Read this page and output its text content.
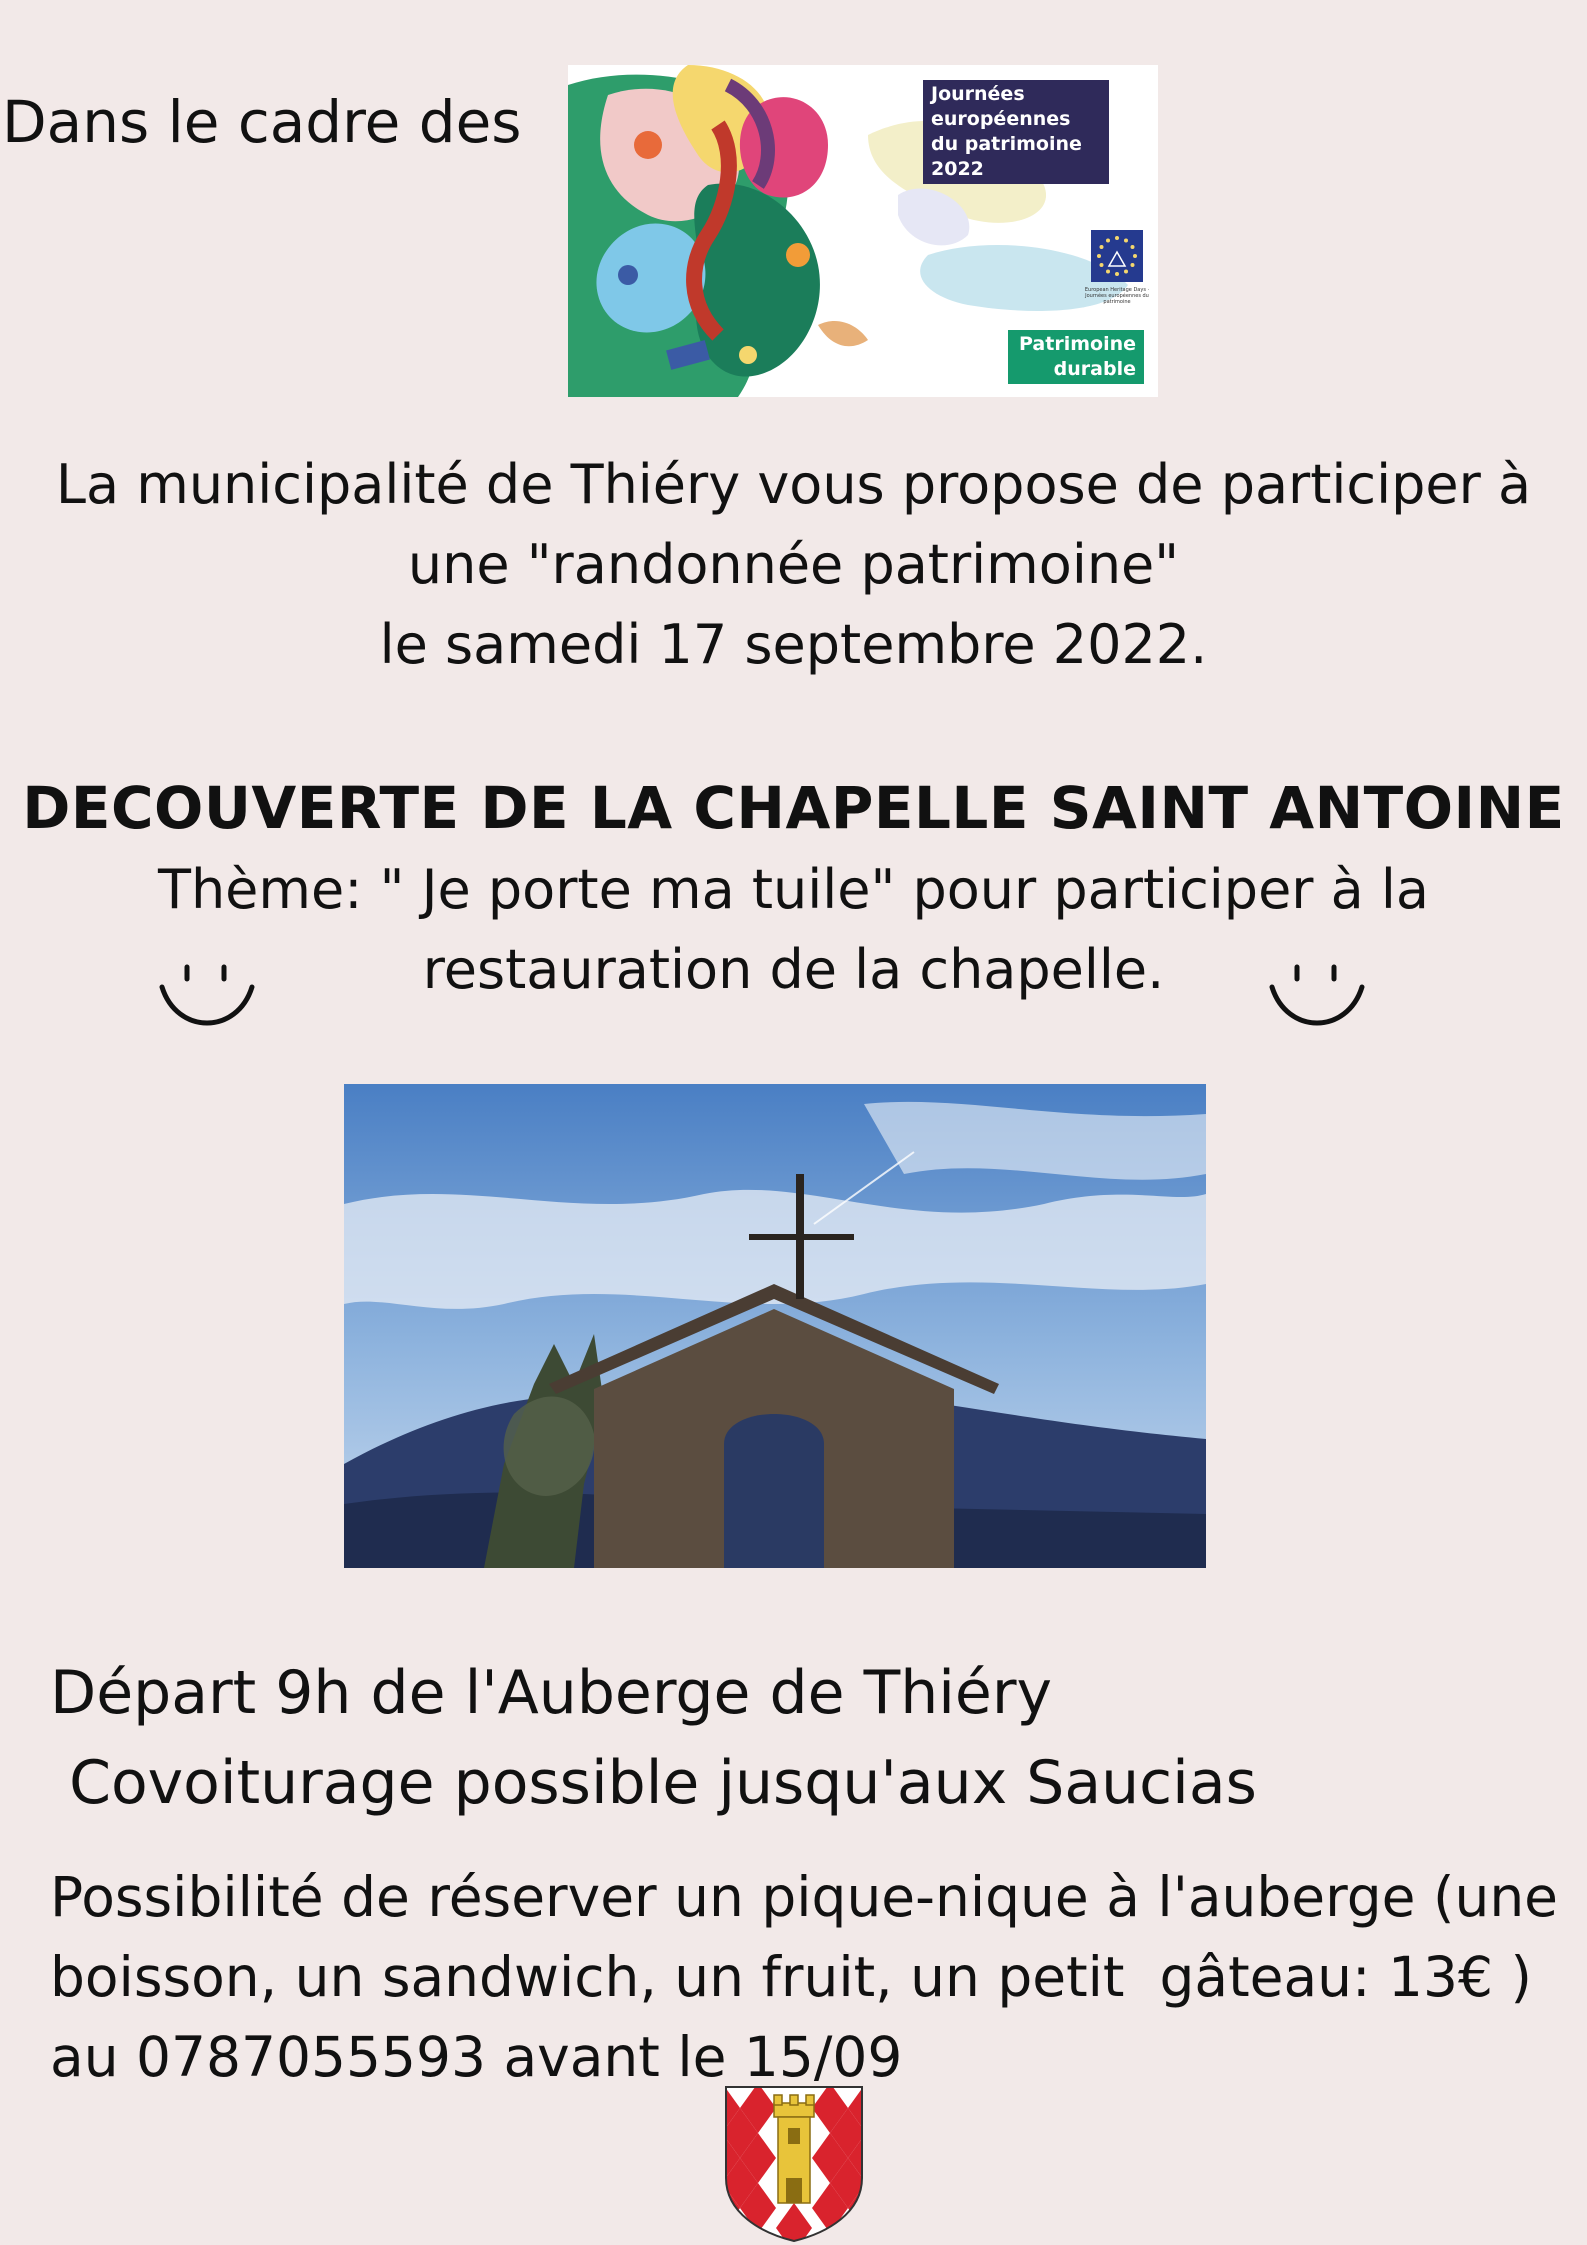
Dans le cadre des	Journées européennes du patrimoine 2022
European Heritage Days · Journées européennes du patrimoine
Patrimoine durable
La municipalité de Thiéry vous propose de participer à
une "randonnée patrimoine"
le samedi 17 septembre 2022.
DECOUVERTE DE LA CHAPELLE SAINT ANTOINE
Thème: " Je porte ma tuile" pour participer à la
restauration de la chapelle.
Départ 9h de l'Auberge de Thiéry
Covoiturage possible jusqu'aux Saucias
Possibilité de réserver un pique-nique à l'auberge (une
boisson, un sandwich, un fruit, un petit  gâteau: 13€ )
au 0787055593 avant le 15/09
